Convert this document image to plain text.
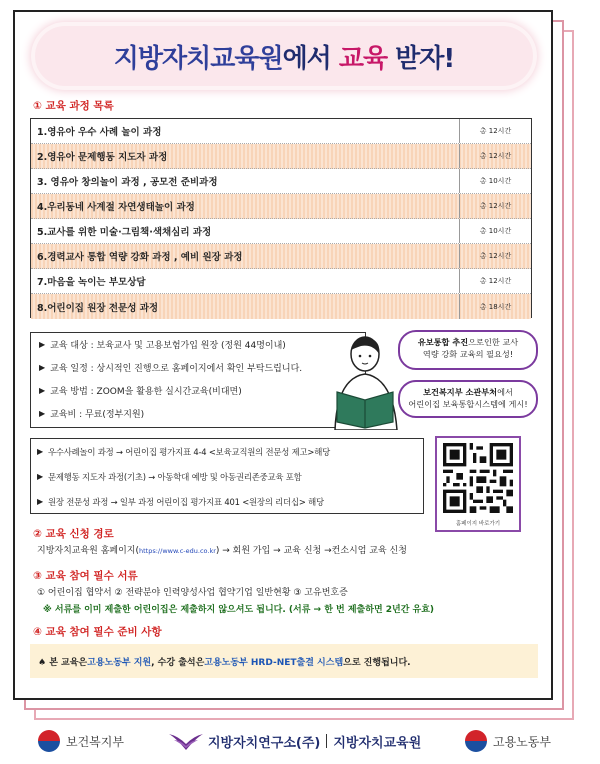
지방자치교육원에서 교육 받자!
① 교육 과정 목록
1.영유아 우수 사례 놀이 과정	총 12시간
2.영유아 문제행동 지도자 과정	총 12시간
3. 영유아 창의놀이 과정 , 공모전 준비과정	총 10시간
4.우리동네 사계절 자연생태놀이 과정	총 12시간
5.교사를 위한 미술·그림책·색채심리 과정	총 10시간
6.경력교사 통합 역량 강화 과정 , 예비 원장 과정	총 12시간
7.마음을 녹이는 부모상담	총 12시간
8.어린이집 원장 전문성 과정	총 18시간
▶ 교육 대상 : 보육교사 및 고용보험가입 원장 (정원 44명이내)
▶ 교육 일정 : 상시적인 진행으로 홈페이지에서 확인 부탁드립니다.
▶ 교육 방법 : ZOOM을 활용한 실시간교육(비대면)
▶ 교육비 : 무료(정부지원)
유보통합 추진으로인한 교사
역량 강화 교육의 필요성!
보건복지부 소관부처에서
어린이집 보육통합시스템에 게시!
▶ 우수사례놀이 과정 → 어린이집 평가지표 4-4 <보육교직원의 전문성 제고>해당
▶ 문제행동 지도자 과정(기초) → 아동학대 예방 및 아동권리존중교육 포함
▶ 원장 전문성 과정 → 일부 과정 어린이집 평가지표 401 <원장의 리더십> 해당
홈페이지 바로가기
② 교육 신청 경로
지방자치교육원 홈페이지(https://www.c-edu.co.kr) → 회원 가입 → 교육 신청 →컨소시엄 교육 신청
③ 교육 참여 필수 서류
① 어린이집 협약서 ② 전략분야 인력양성사업 협약기업 일반현황 ③ 고유번호증
※ 서류를 이미 제출한 어린이집은 제출하지 않으셔도 됩니다. (서류 → 한 번 제출하면 2년간 유효)
④ 교육 참여 필수 준비 사항
♠ 본 교육은 고용노동부 지원 , 수강 출석은 고용노동부 HRD-NET출결 시스템 으로 진행됩니다.
보건복지부	지방자치연구소(주) 지방자치교육원	고용노동부
